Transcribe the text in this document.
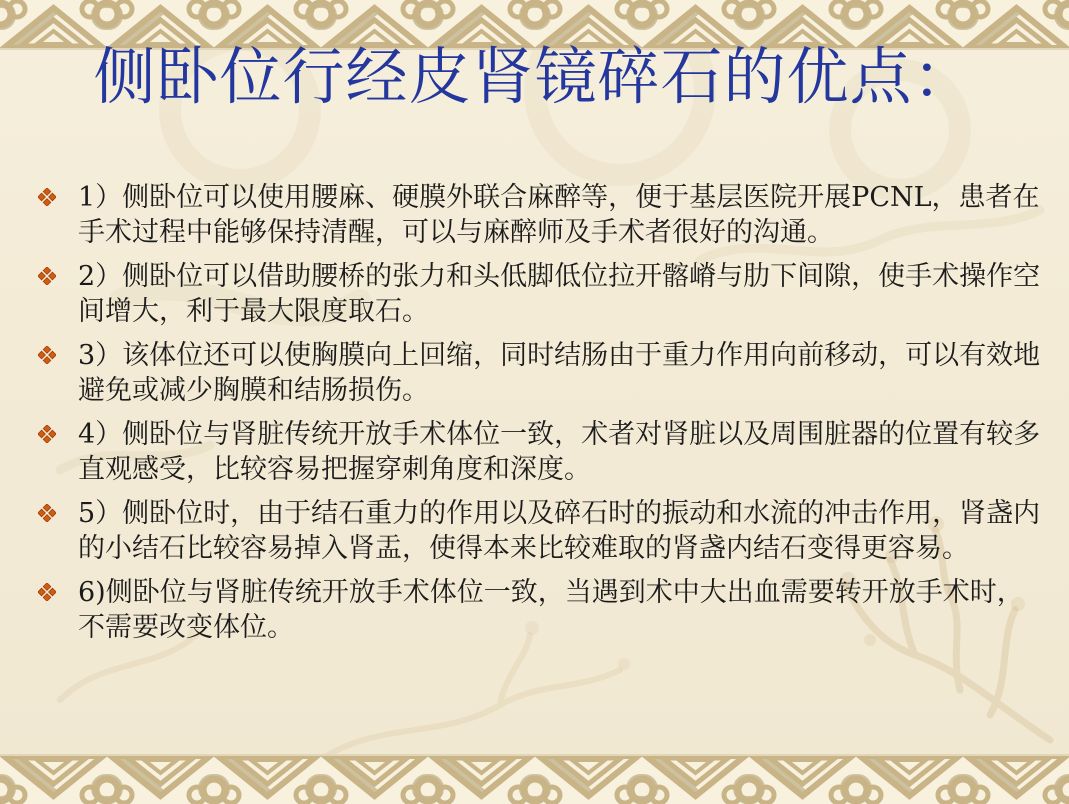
侧卧位行经皮肾镜碎石的优点：
1）侧卧位可以使用腰麻、硬膜外联合麻醉等，便于基层医院开展PCNL，患者在手术过程中能够保持清醒，可以与麻醉师及手术者很好的沟通。
2）侧卧位可以借助腰桥的张力和头低脚低位拉开髂嵴与肋下间隙，使手术操作空间增大，利于最大限度取石。
3）该体位还可以使胸膜向上回缩，同时结肠由于重力作用向前移动，可以有效地避免或减少胸膜和结肠损伤。
4）侧卧位与肾脏传统开放手术体位一致，术者对肾脏以及周围脏器的位置有较多直观感受，比较容易把握穿刺角度和深度。
5）侧卧位时，由于结石重力的作用以及碎石时的振动和水流的冲击作用，肾盏内的小结石比较容易掉入肾盂，使得本来比较难取的肾盏内结石变得更容易。
6)侧卧位与肾脏传统开放手术体位一致，当遇到术中大出血需要转开放手术时，不需要改变体位。
